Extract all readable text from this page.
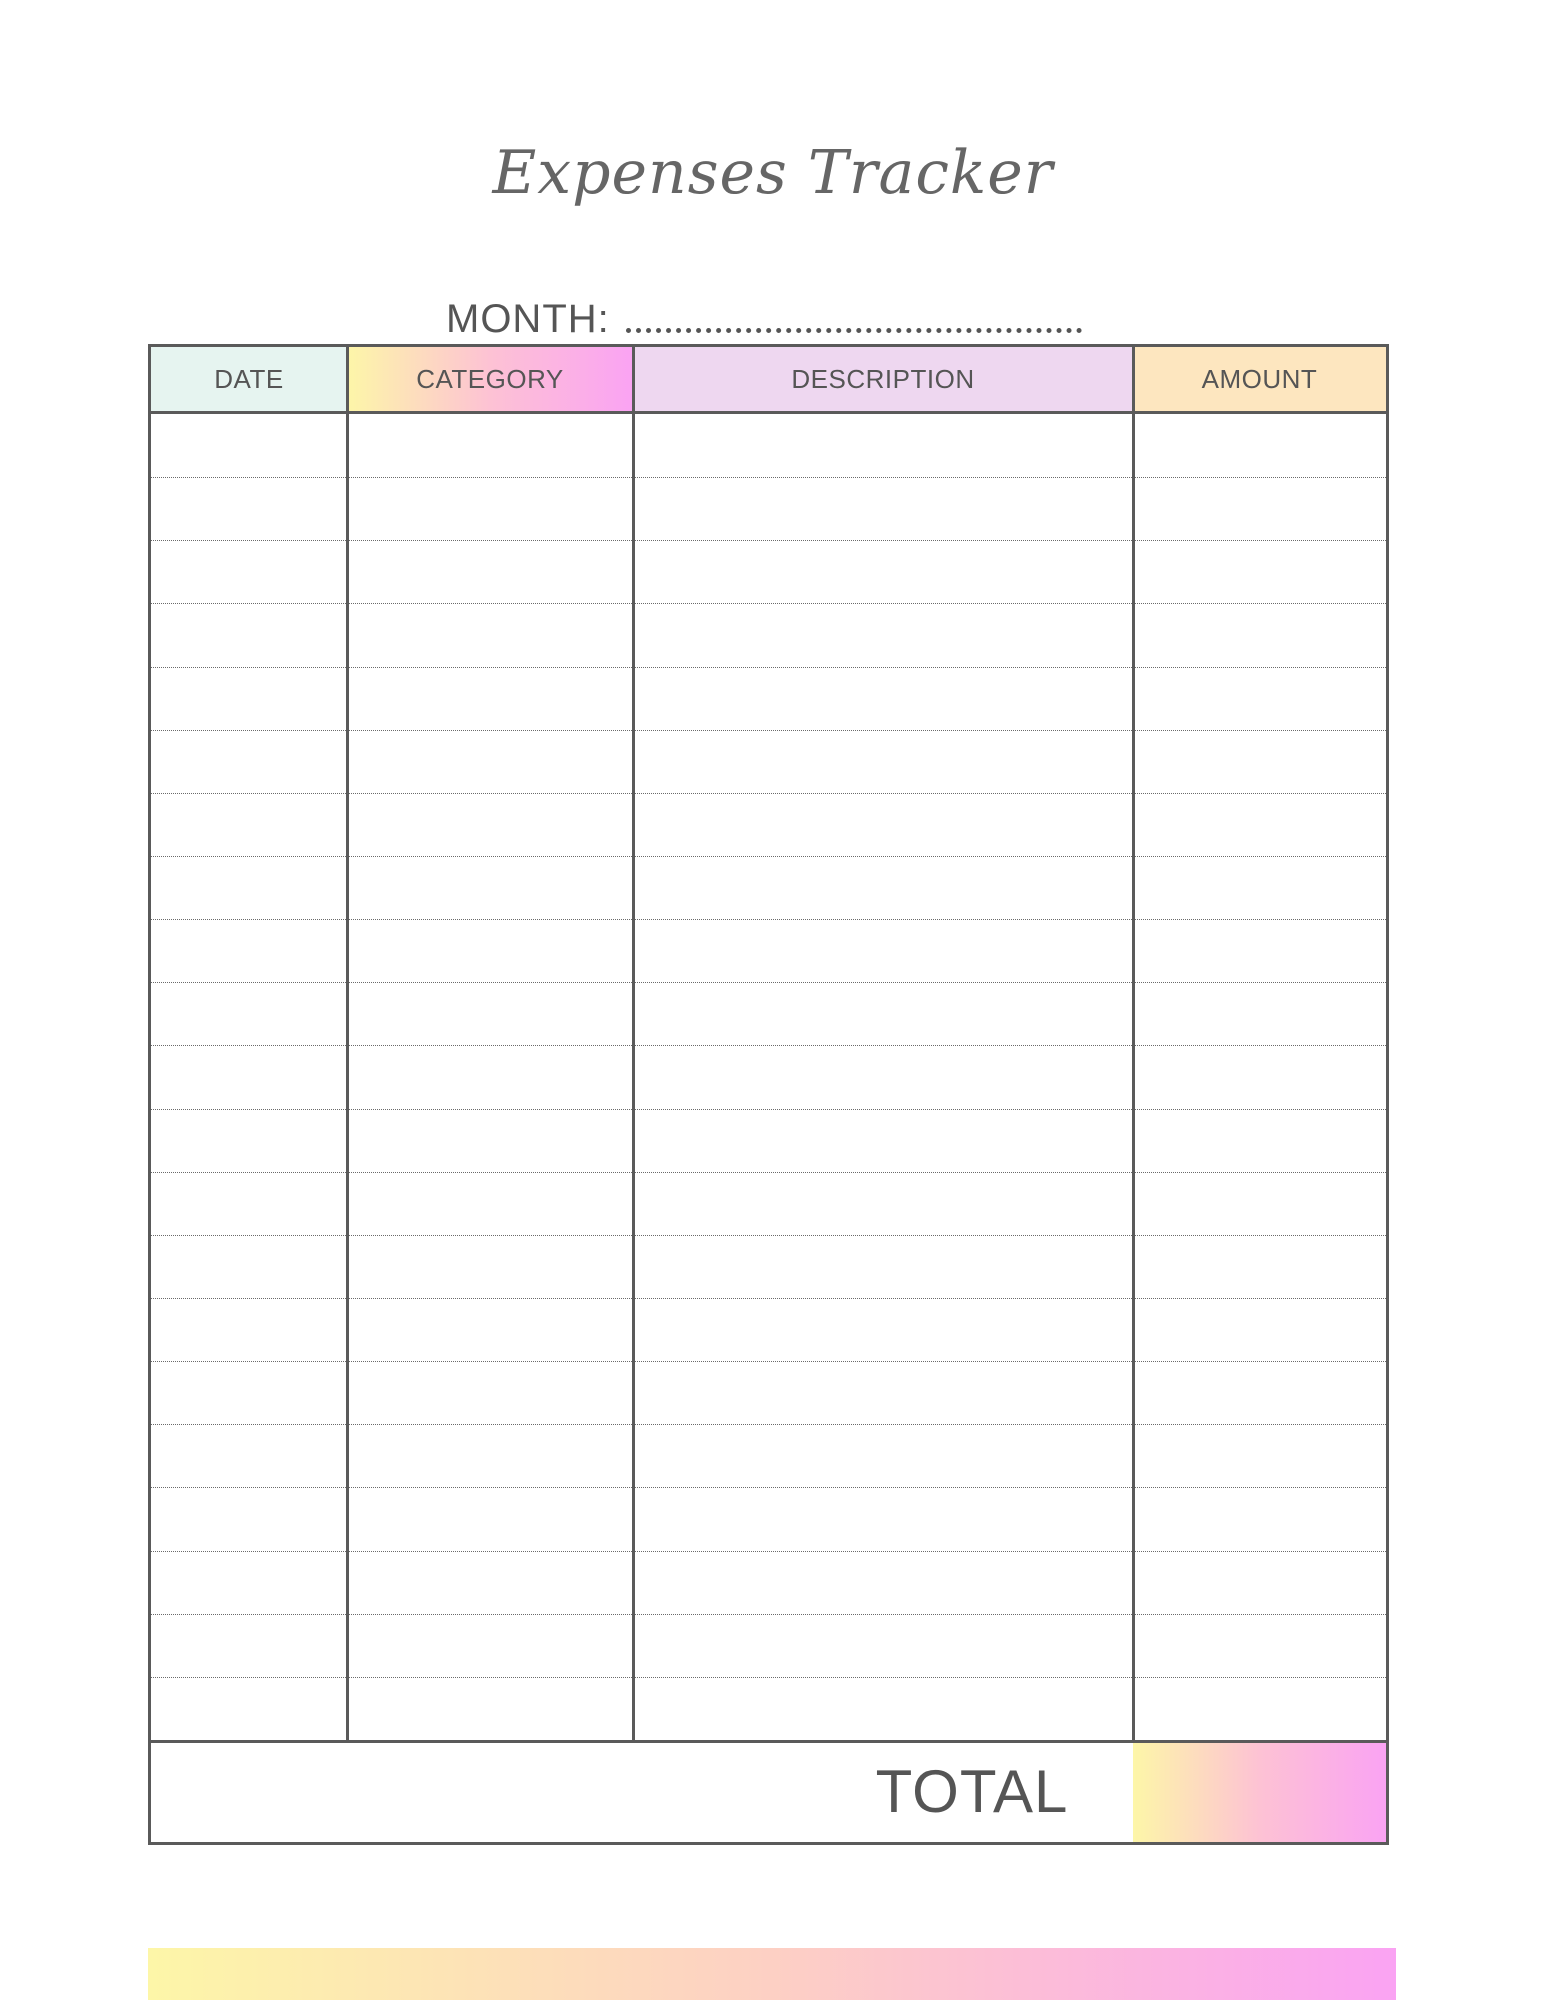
Expenses Tracker
MONTH:
DATE	CATEGORY	DESCRIPTION	AMOUNT
TOTAL
